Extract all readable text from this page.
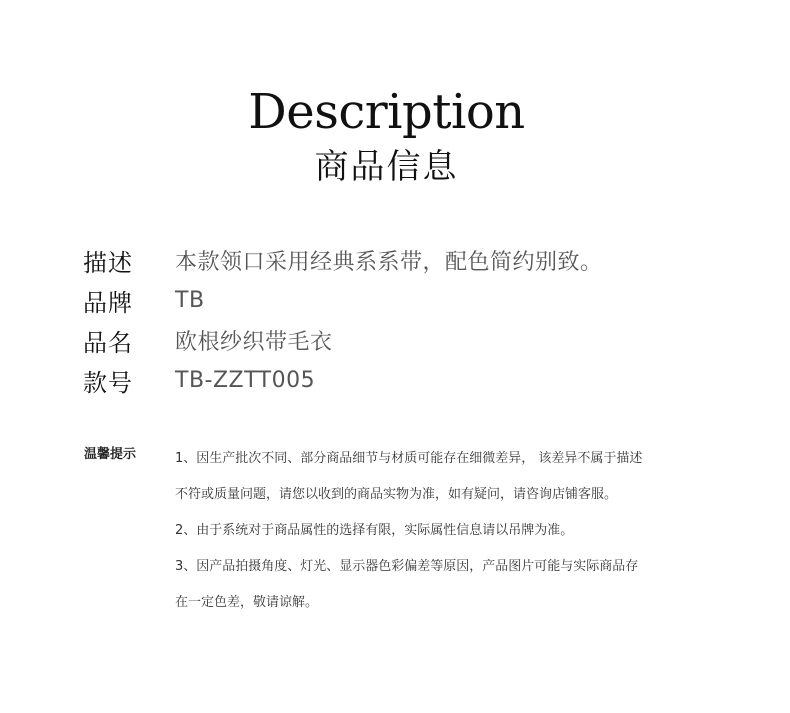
Description
商品信息
描述	本款领口采用经典系系带，配色简约别致。
品牌	TB
品名	欧根纱织带毛衣
款号	TB-ZZTT005
温馨提示	1、因生产批次不同、部分商品细节与材质可能存在细微差异， 该差异不属于描述
不符或质量问题，请您以收到的商品实物为准，如有疑问，请咨询店铺客服。
2、由于系统对于商品属性的选择有限，实际属性信息请以吊牌为准。
3、因产品拍摄角度、灯光、显示器色彩偏差等原因，产品图片可能与实际商品存
在一定色差，敬请谅解。
